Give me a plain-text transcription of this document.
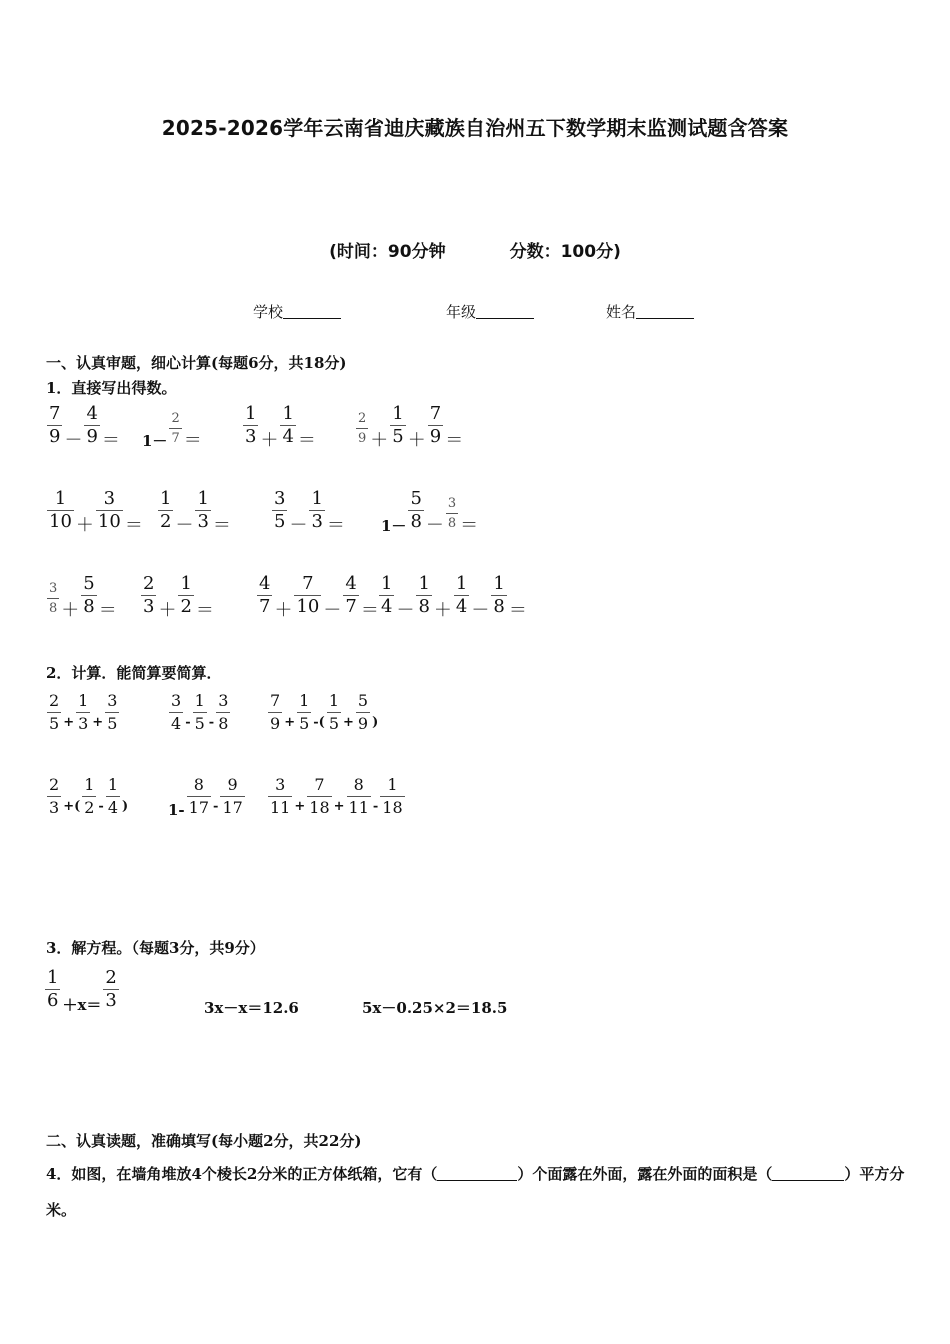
2025-2026学年云南省迪庆藏族自治州五下数学期末监测试题含答案
(时间：90分钟	分数：100分)
学校	年级	姓名
一、认真审题，细心计算(每题6分，共18分)
1．直接写出得数。
$\frac{7}{9} - \frac{4}{9} = 1- \frac{2}{7} = \frac{1}{3} + \frac{1}{4}$ ＝	$\frac{2}{9} + \frac{1}{5} + \frac{7}{9}$ ＝
$\frac{1}{10} + \frac{3}{10} = \frac{1}{2} - \frac{1}{3} = \frac{3}{5} - \frac{1}{3} = 1- \frac{5}{8} - \frac{3}{8}$ ＝
$\frac{3}{8} + \frac{5}{8} = \frac{2}{3} + \frac{1}{2} = \frac{4}{7} + \frac{7}{10} - \frac{4}{7} = \frac{1}{4} - \frac{1}{8} + \frac{1}{4} - \frac{1}{8}$ ＝
2．计算．能简算要简算．
$\frac{2}{5} + \frac{1}{3} + \frac{3}{5}$	$\frac{3}{4} - \frac{1}{5} - \frac{3}{8} \frac{7}{9} + \frac{1}{5}$ -( $\frac{1}{5} + \frac{5}{9}$ )
$\frac{2}{3}$ +( $\frac{1}{2} - \frac{1}{4}$ )	$1- \frac{8}{17} - \frac{9}{17} \frac{3}{11} + \frac{7}{18} + \frac{8}{11} - \frac{1}{18}$
3．解方程。（每题3分，共9分）
$\frac{1}{6} +x= \frac{2}{3}$	3x－x＝12.6	5x－0.25×2＝18.5
二、认真读题，准确填写(每小题2分，共22分)
4．如图，在墙角堆放4个棱长2分米的正方体纸箱，它有（	）个面露在外面，露在外面的面积是（	）平方分米。
